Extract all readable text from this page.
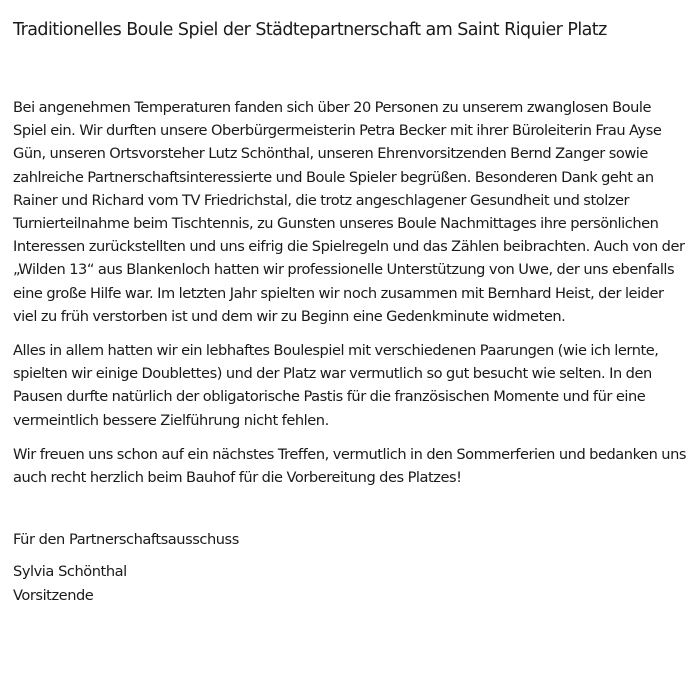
Traditionelles Boule Spiel der Städtepartnerschaft am Saint Riquier Platz

Bei angenehmen Temperaturen fanden sich über 20 Personen zu unserem zwanglosen Boule Spiel ein. Wir durften unsere Oberbürgermeisterin Petra Becker mit ihrer Büroleiterin Frau Ayse Gün, unseren Ortsvorsteher Lutz Schönthal, unseren Ehrenvorsitzenden Bernd Zanger sowie zahlreiche Partnerschaftsinteressierte und Boule Spieler begrüßen. Besonderen Dank geht an Rainer und Richard vom TV Friedrichstal, die trotz angeschlagener Gesundheit und stolzer Turnierteilnahme beim Tischtennis, zu Gunsten unseres Boule Nachmittages ihre persönlichen Interessen zurückstellten und uns eifrig die Spielregeln und das Zählen beibrachten. Auch von der „Wilden 13“ aus Blankenloch hatten wir professionelle Unterstützung von Uwe, der uns ebenfalls eine große Hilfe war. Im letzten Jahr spielten wir noch zusammen mit Bernhard Heist, der leider viel zu früh verstorben ist und dem wir zu Beginn eine Gedenkminute widmeten.

Alles in allem hatten wir ein lebhaftes Boulespiel mit verschiedenen Paarungen (wie ich lernte, spielten wir einige Doublettes) und der Platz war vermutlich so gut besucht wie selten. In den Pausen durfte natürlich der obligatorische Pastis für die französischen Momente und für eine vermeintlich bessere Zielführung nicht fehlen.

Wir freuen uns schon auf ein nächstes Treffen, vermutlich in den Sommerferien und bedanken uns auch recht herzlich beim Bauhof für die Vorbereitung des Platzes!

Für den Partnerschaftsausschuss
Sylvia Schönthal
Vorsitzende
